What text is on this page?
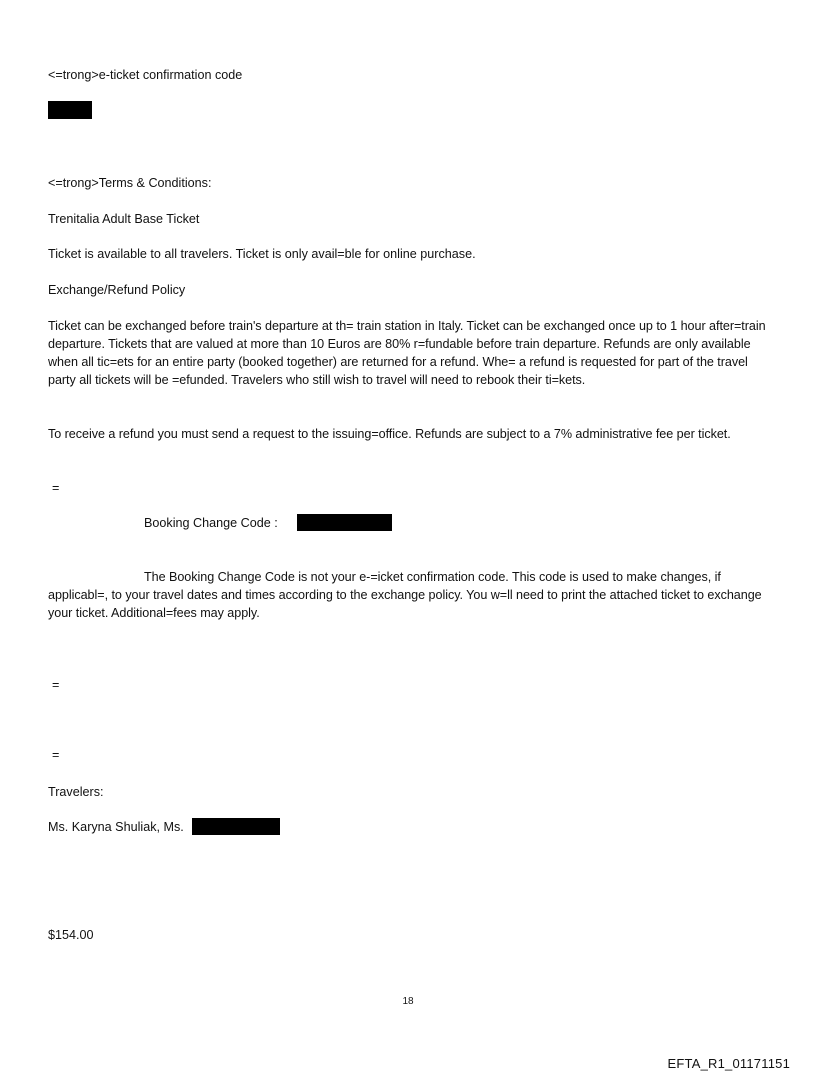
<=trong>e-ticket confirmation code

<=trong>Terms & Conditions:

Trenitalia Adult Base Ticket

Ticket is available to all travelers. Ticket is only avail=ble for online purchase.

Exchange/Refund Policy

Ticket can be exchanged before train's departure at th= train station in Italy. Ticket can be exchanged once up to 1 hour after=train departure. Tickets that are valued at more than 10 Euros are 80% r=fundable before train departure. Refunds are only available when all tic=ets for an entire party (booked together) are returned for a refund. Whe= a refund is requested for part of the travel party all tickets will be =efunded. Travelers who still wish to travel will need to rebook their ti=kets.

To receive a refund you must send a request to the issuing=office. Refunds are subject to a 7% administrative fee per ticket.

=

Booking Change Code :

The Booking Change Code is not your e-=icket confirmation code. This code is used to make changes, if applicabl=, to your travel dates and times according to the exchange policy. You w=ll need to print the attached ticket to exchange your ticket. Additional=fees may apply.

=

=

Travelers:

Ms. Karyna Shuliak, Ms.

$154.00

18
EFTA_R1_01171151
